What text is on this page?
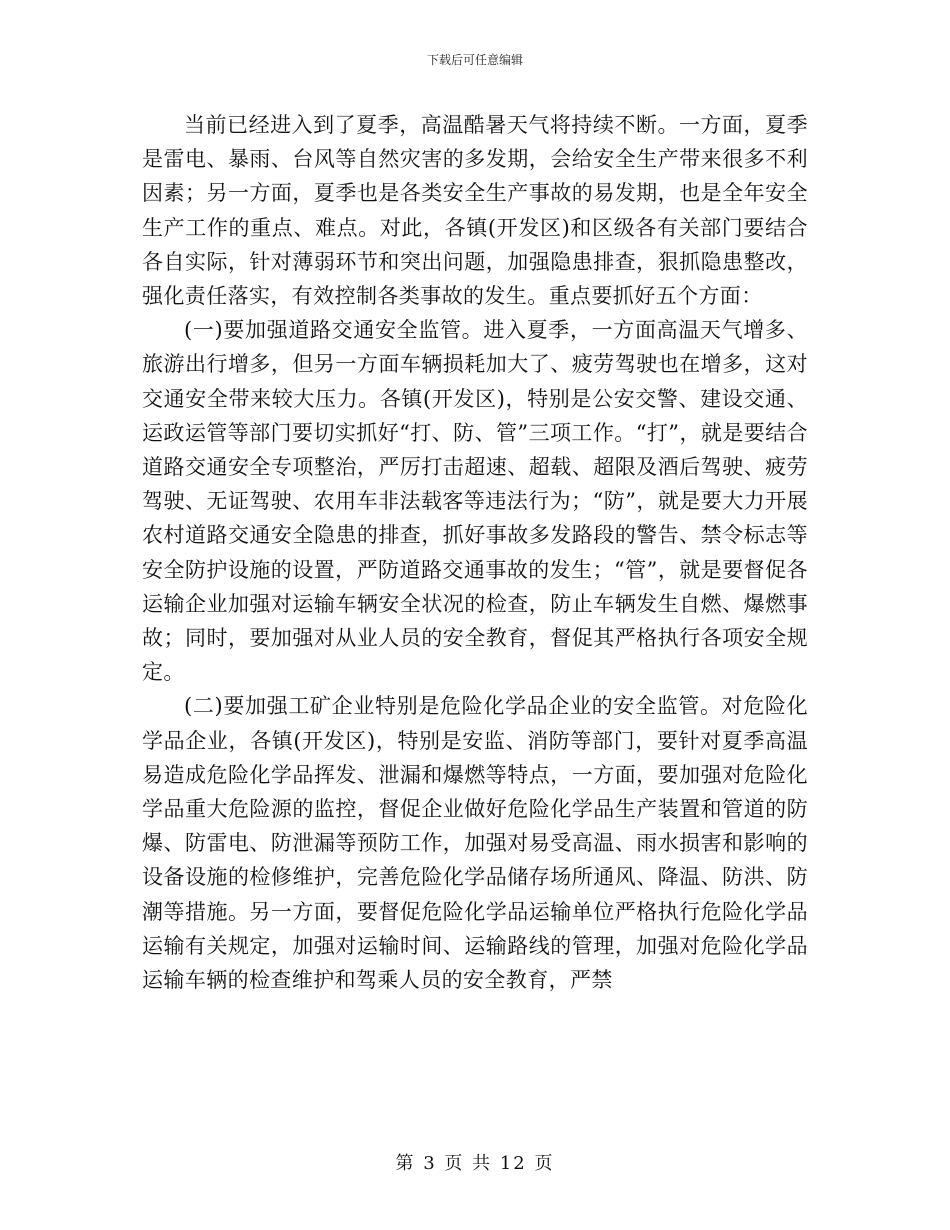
下载后可任意编辑

当前已经进入到了夏季，高温酷暑天气将持续不断。一方面，夏季是雷电、暴雨、台风等自然灾害的多发期，会给安全生产带来很多不利因素；另一方面，夏季也是各类安全生产事故的易发期，也是全年安全生产工作的重点、难点。对此，各镇(开发区)和区级各有关部门要结合各自实际，针对薄弱环节和突出问题，加强隐患排查，狠抓隐患整改，强化责任落实，有效控制各类事故的发生。重点要抓好五个方面：

(一)要加强道路交通安全监管。进入夏季，一方面高温天气增多、旅游出行增多，但另一方面车辆损耗加大了、疲劳驾驶也在增多，这对交通安全带来较大压力。各镇(开发区)，特别是公安交警、建设交通、运政运管等部门要切实抓好“打、防、管”三项工作。“打”，就是要结合道路交通安全专项整治，严厉打击超速、超载、超限及酒后驾驶、疲劳驾驶、无证驾驶、农用车非法载客等违法行为；“防”，就是要大力开展农村道路交通安全隐患的排查，抓好事故多发路段的警告、禁令标志等安全防护设施的设置，严防道路交通事故的发生；“管”，就是要督促各运输企业加强对运输车辆安全状况的检查，防止车辆发生自燃、爆燃事故；同时，要加强对从业人员的安全教育，督促其严格执行各项安全规定。

(二)要加强工矿企业特别是危险化学品企业的安全监管。对危险化学品企业，各镇(开发区)，特别是安监、消防等部门，要针对夏季高温易造成危险化学品挥发、泄漏和爆燃等特点，一方面，要加强对危险化学品重大危险源的监控，督促企业做好危险化学品生产装置和管道的防爆、防雷电、防泄漏等预防工作，加强对易受高温、雨水损害和影响的设备设施的检修维护，完善危险化学品储存场所通风、降温、防洪、防潮等措施。另一方面，要督促危险化学品运输单位严格执行危险化学品运输有关规定，加强对运输时间、运输路线的管理，加强对危险化学品运输车辆的检查维护和驾乘人员的安全教育，严禁

第 3 页 共 12 页
